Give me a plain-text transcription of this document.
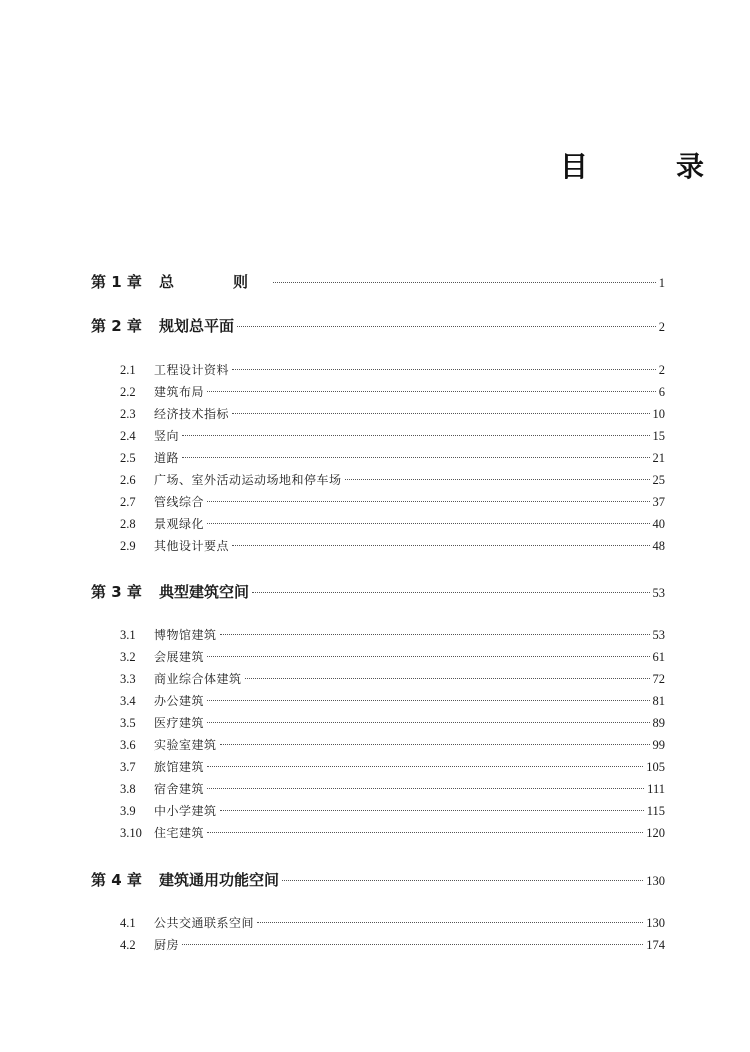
目　录
第 1 章	总　则	1
第 2 章	规划总平面	2
2.1	工程设计资料	2
2.2	建筑布局	6
2.3	经济技术指标	10
2.4	竖向	15
2.5	道路	21
2.6	广场、室外活动运动场地和停车场	25
2.7	管线综合	37
2.8	景观绿化	40
2.9	其他设计要点	48
第 3 章	典型建筑空间	53
3.1	博物馆建筑	53
3.2	会展建筑	61
3.3	商业综合体建筑	72
3.4	办公建筑	81
3.5	医疗建筑	89
3.6	实验室建筑	99
3.7	旅馆建筑	105
3.8	宿舍建筑	111
3.9	中小学建筑	115
3.10	住宅建筑	120
第 4 章	建筑通用功能空间	130
4.1	公共交通联系空间	130
4.2	厨房	174
